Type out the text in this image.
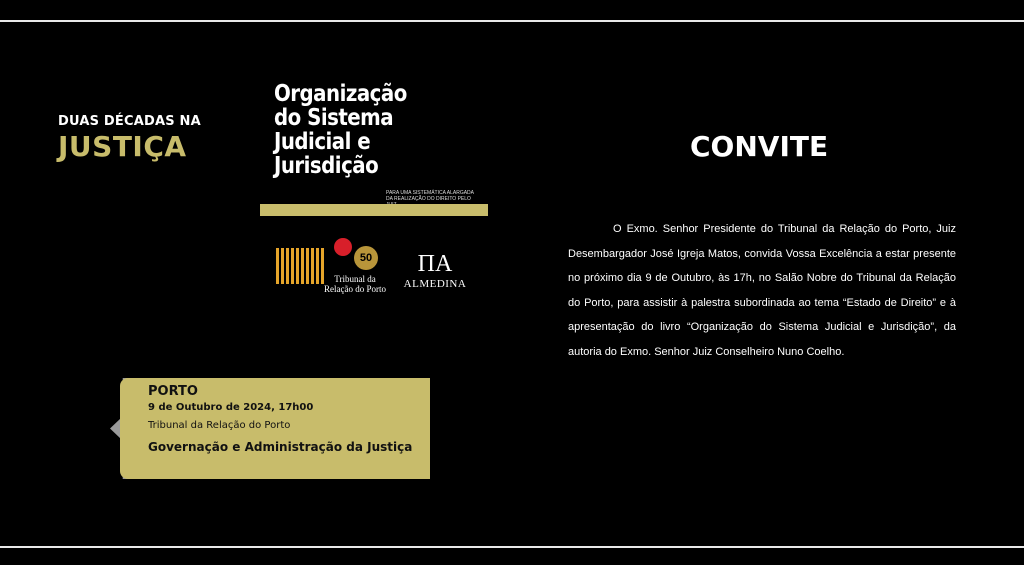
DUAS DÉCADAS NA
JUSTIÇA
Organização
do Sistema
Judicial e
Jurisdição
PARA UMA SISTEMÁTICA ALARGADA DA REALIZAÇÃO DO DIREITO PELO
50
Tribunal da
Relação do Porto
ΠA
ALMEDINA
PORTO
9 de Outubro de 2024, 17h00
Tribunal da Relação do Porto
Governação e Administração da Justiça
CONVITE

O Exmo. Senhor Presidente do Tribunal da Relação do Porto, Juiz Desembargador José Igreja Matos, convida Vossa Excelência a estar presente no próximo dia 9 de Outubro, às 17h, no Salão Nobre do Tribunal da Relação do Porto, para assistir à palestra subordinada ao tema “Estado de Direito” e à apresentação do livro “Organização do Sistema Judicial e Jurisdição”, da autoria do Exmo. Senhor Juiz Conselheiro Nuno Coelho.
